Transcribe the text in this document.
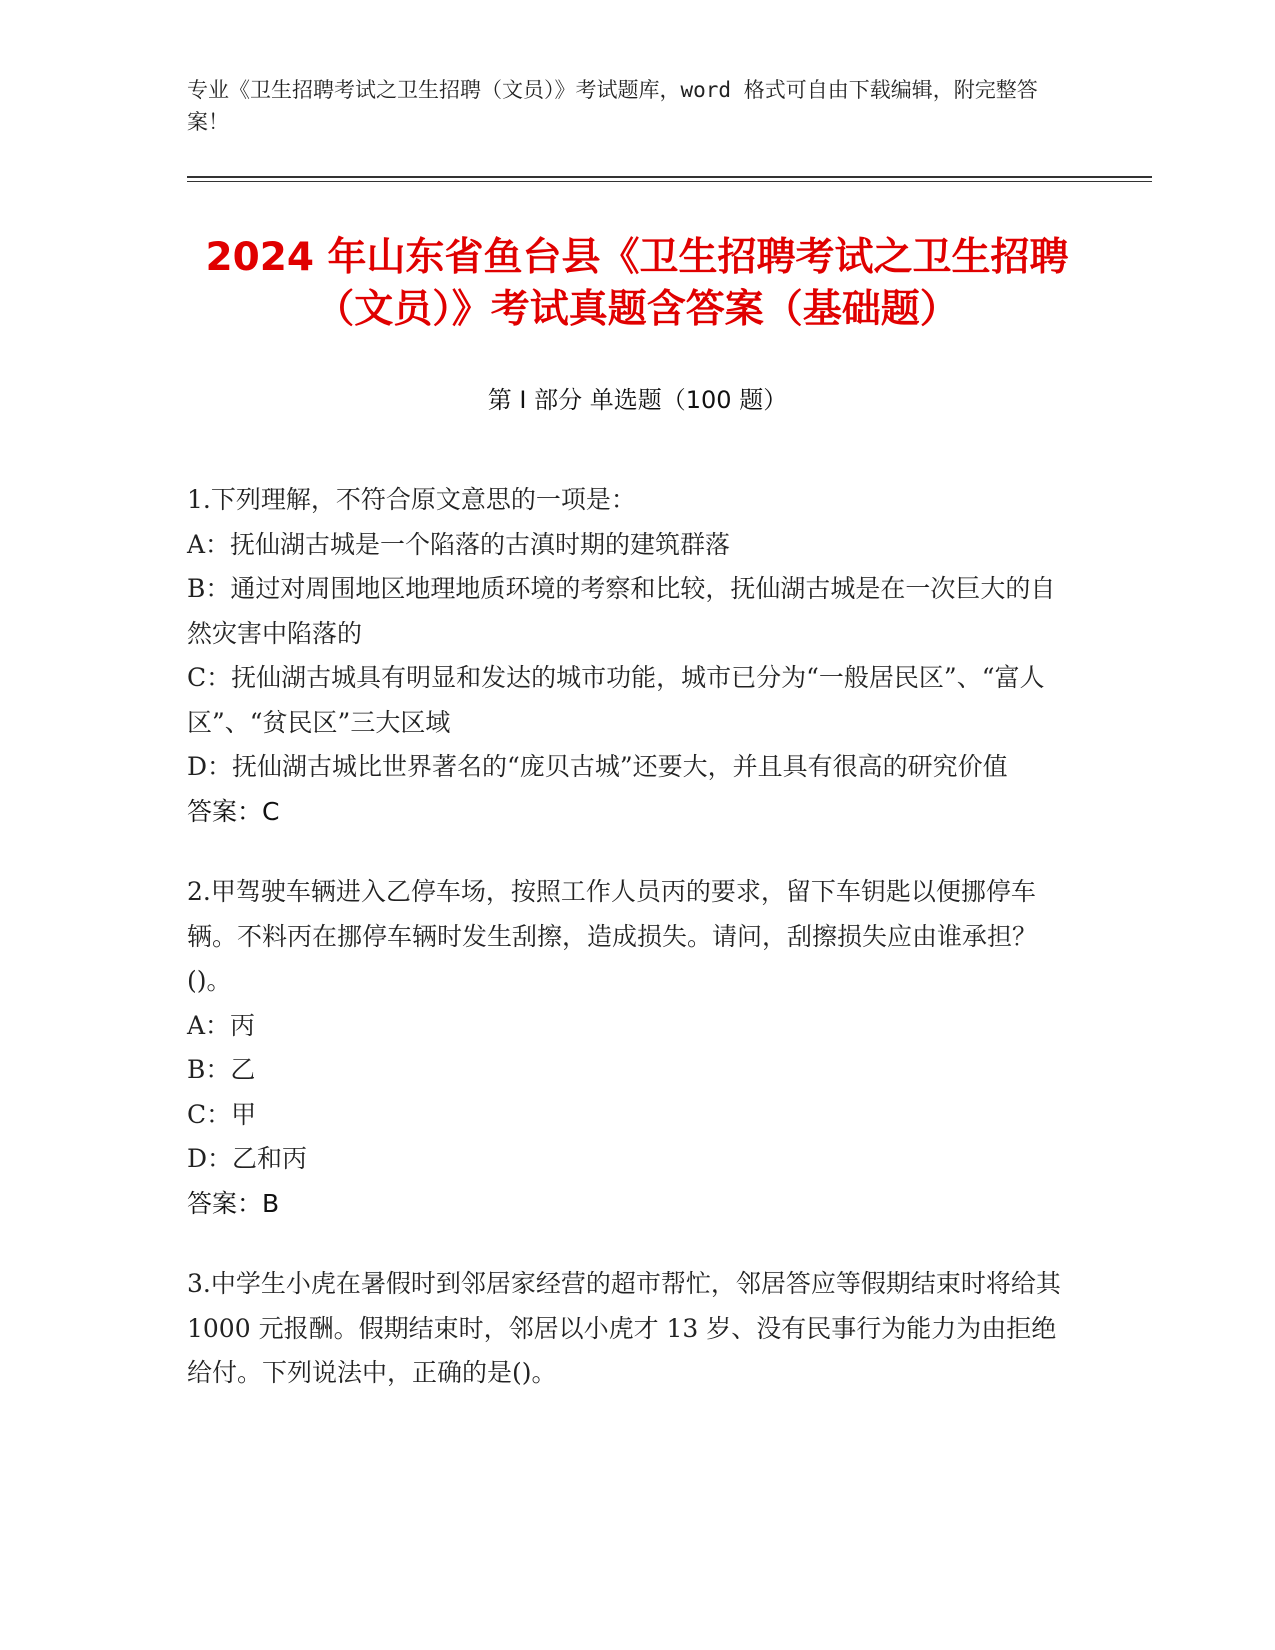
专业《卫生招聘考试之卫生招聘（文员）》考试题库，word 格式可自由下载编辑，附完整答案！
2024 年山东省鱼台县《卫生招聘考试之卫生招聘（文员）》考试真题含答案（基础题）
第 I 部分 单选题（100 题）

1.下列理解，不符合原文意思的一项是：

A：抚仙湖古城是一个陷落的古滇时期的建筑群落

B：通过对周围地区地理地质环境的考察和比较，抚仙湖古城是在一次巨大的自然灾害中陷落的

C：抚仙湖古城具有明显和发达的城市功能，城市已分为“一般居民区”、“富人区”、“贫民区”三大区域

D：抚仙湖古城比世界著名的“庞贝古城”还要大，并且具有很高的研究价值

答案：C

2.甲驾驶车辆进入乙停车场，按照工作人员丙的要求，留下车钥匙以便挪停车辆。不料丙在挪停车辆时发生刮擦，造成损失。请问，刮擦损失应由谁承担？()。

A：丙

B：乙

C：甲

D：乙和丙

答案：B

3.中学生小虎在暑假时到邻居家经营的超市帮忙，邻居答应等假期结束时将给其 1000 元报酬。假期结束时，邻居以小虎才 13 岁、没有民事行为能力为由拒绝给付。下列说法中，正确的是()。
